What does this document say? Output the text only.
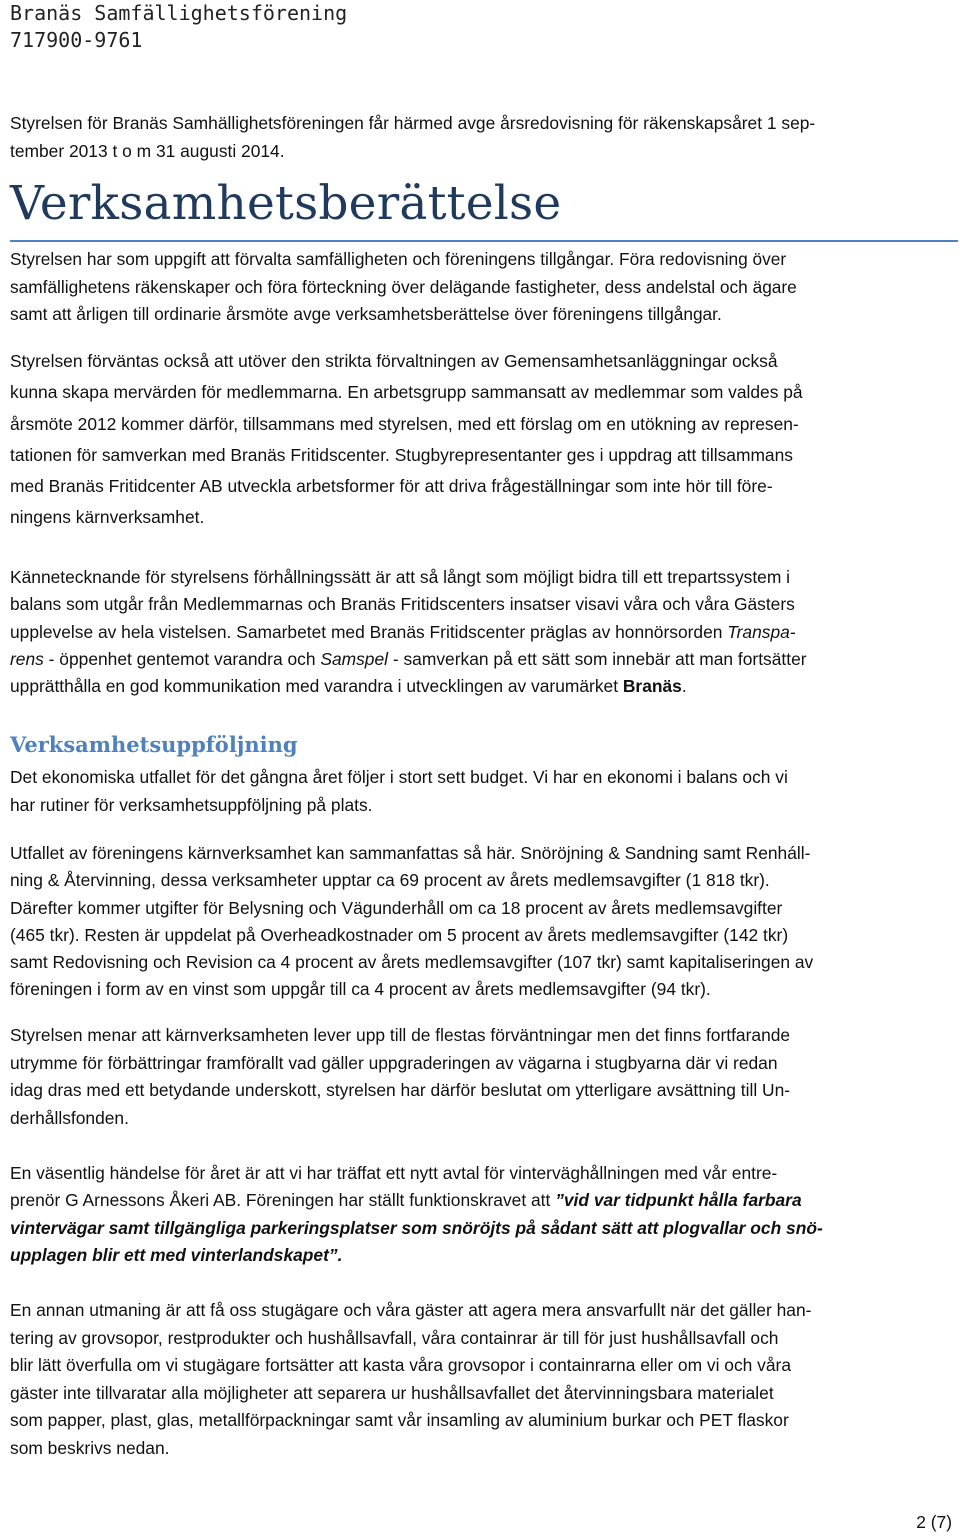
Branäs Samfällighetsförening
717900-9761
Styrelsen för Branäs Samhällighetsföreningen får härmed avge årsredovisning för räkenskapsåret 1 sep-
tember 2013 t o m 31 augusti 2014.
Verksamhetsberättelse
Styrelsen har som uppgift att förvalta samfälligheten och föreningens tillgångar. Föra redovisning över
samfällighetens räkenskaper och föra förteckning över delägande fastigheter, dess andelstal och ägare
samt att årligen till ordinarie årsmöte avge verksamhetsberättelse över föreningens tillgångar.
Styrelsen förväntas också att utöver den strikta förvaltningen av Gemensamhetsanläggningar också
kunna skapa mervärden för medlemmarna. En arbetsgrupp sammansatt av medlemmar som valdes på
årsmöte 2012 kommer därför, tillsammans med styrelsen, med ett förslag om en utökning av represen-
tationen för samverkan med Branäs Fritidscenter. Stugbyrepresentanter ges i uppdrag att tillsammans
med Branäs Fritidcenter AB utveckla arbetsformer för att driva frågeställningar som inte hör till före-
ningens kärnverksamhet.
Kännetecknande för styrelsens förhållningssätt är att så långt som möjligt bidra till ett trepartssystem i
balans som utgår från Medlemmarnas och Branäs Fritidscenters insatser visavi våra och våra Gästers
upplevelse av hela vistelsen. Samarbetet med Branäs Fritidscenter präglas av honnörsorden Transpa-
rens - öppenhet gentemot varandra och Samspel - samverkan på ett sätt som innebär att man fortsätter
upprätthålla en god kommunikation med varandra i utvecklingen av varumärket Branäs.
Verksamhetsuppföljning
Det ekonomiska utfallet för det gångna året följer i stort sett budget. Vi har en ekonomi i balans och vi
har rutiner för verksamhetsuppföljning på plats.
Utfallet av föreningens kärnverksamhet kan sammanfattas så här. Snöröjning & Sandning samt Renháll-
ning & Återvinning, dessa verksamheter upptar ca 69 procent av årets medlemsavgifter (1 818 tkr).
Därefter kommer utgifter för Belysning och Vägunderhåll om ca 18 procent av årets medlemsavgifter
(465 tkr). Resten är uppdelat på Overheadkostnader om 5 procent av årets medlemsavgifter (142 tkr)
samt Redovisning och Revision ca 4 procent av årets medlemsavgifter (107 tkr) samt kapitaliseringen av
föreningen i form av en vinst som uppgår till ca 4 procent av årets medlemsavgifter (94 tkr).
Styrelsen menar att kärnverksamheten lever upp till de flestas förväntningar men det finns fortfarande
utrymme för förbättringar framförallt vad gäller uppgraderingen av vägarna i stugbyarna där vi redan
idag dras med ett betydande underskott, styrelsen har därför beslutat om ytterligare avsättning till Un-
derhållsfonden.
En väsentlig händelse för året är att vi har träffat ett nytt avtal för vinterväghållningen med vår entre-
prenör G Arnessons Åkeri AB. Föreningen har ställt funktionskravet att ”vid var tidpunkt hålla farbara
vintervägar samt tillgängliga parkeringsplatser som snöröjts på sådant sätt att plogvallar och snö-
upplagen blir ett med vinterlandskapet”.
En annan utmaning är att få oss stugägare och våra gäster att agera mera ansvarfullt när det gäller han-
tering av grovsopor, restprodukter och hushållsavfall, våra containrar är till för just hushållsavfall och
blir lätt överfulla om vi stugägare fortsätter att kasta våra grovsopor i containrarna eller om vi och våra
gäster inte tillvaratar alla möjligheter att separera ur hushållsavfallet det återvinningsbara materialet
som papper, plast, glas, metallförpackningar samt vår insamling av aluminium burkar och PET flaskor
som beskrivs nedan.
2 (7)
